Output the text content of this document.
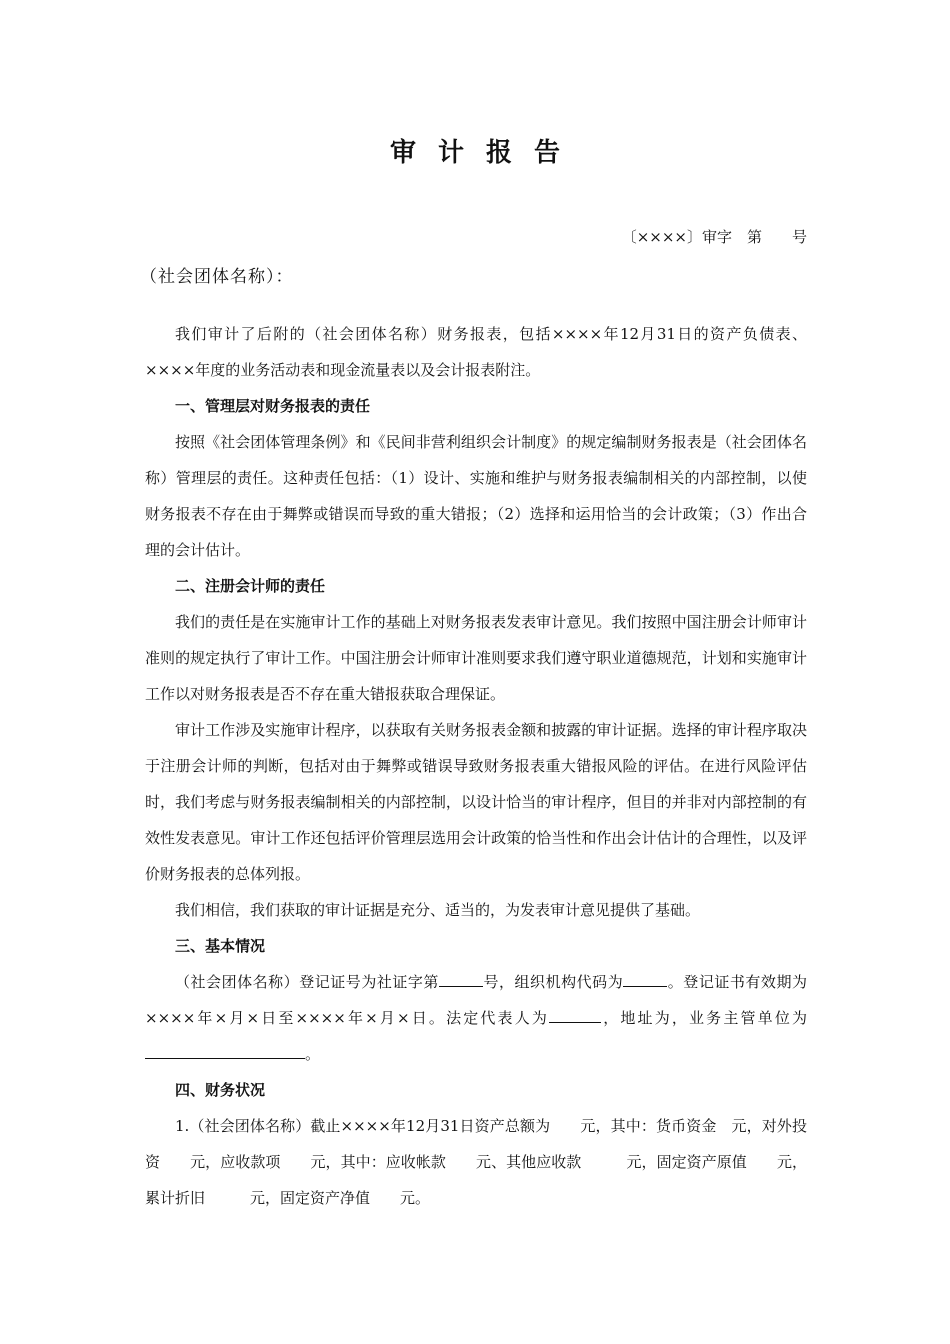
审计报告
〔××××〕审字　第　　号
（社会团体名称）：

我们审计了后附的（社会团体名称）财务报表，包括××××年12月31日的资产负债表、××××年度的业务活动表和现金流量表以及会计报表附注。

一、管理层对财务报表的责任

按照《社会团体管理条例》和《民间非营利组织会计制度》的规定编制财务报表是（社会团体名称）管理层的责任。这种责任包括：（1）设计、实施和维护与财务报表编制相关的内部控制，以使财务报表不存在由于舞弊或错误而导致的重大错报；（2）选择和运用恰当的会计政策；（3）作出合理的会计估计。

二、注册会计师的责任

我们的责任是在实施审计工作的基础上对财务报表发表审计意见。我们按照中国注册会计师审计准则的规定执行了审计工作。中国注册会计师审计准则要求我们遵守职业道德规范，计划和实施审计工作以对财务报表是否不存在重大错报获取合理保证。

审计工作涉及实施审计程序，以获取有关财务报表金额和披露的审计证据。选择的审计程序取决于注册会计师的判断，包括对由于舞弊或错误导致财务报表重大错报风险的评估。在进行风险评估时，我们考虑与财务报表编制相关的内部控制，以设计恰当的审计程序，但目的并非对内部控制的有效性发表意见。审计工作还包括评价管理层选用会计政策的恰当性和作出会计估计的合理性，以及评价财务报表的总体列报。

我们相信，我们获取的审计证据是充分、适当的，为发表审计意见提供了基础。

三、基本情况

（社会团体名称）登记证号为社证字第	号，组织机构代码为	。登记证书有效期为××××年×月×日至××××年×月×日。法定代表人为	，地址为，业务主管单位为。

四、财务状况

1.（社会团体名称）截止××××年12月31日资产总额为　　元，其中：货币资金　元，对外投资　　元，应收款项　　元，其中：应收帐款　　元、其他应收款　　　元，固定资产原值　　元，累计折旧　　　元，固定资产净值　　元。
